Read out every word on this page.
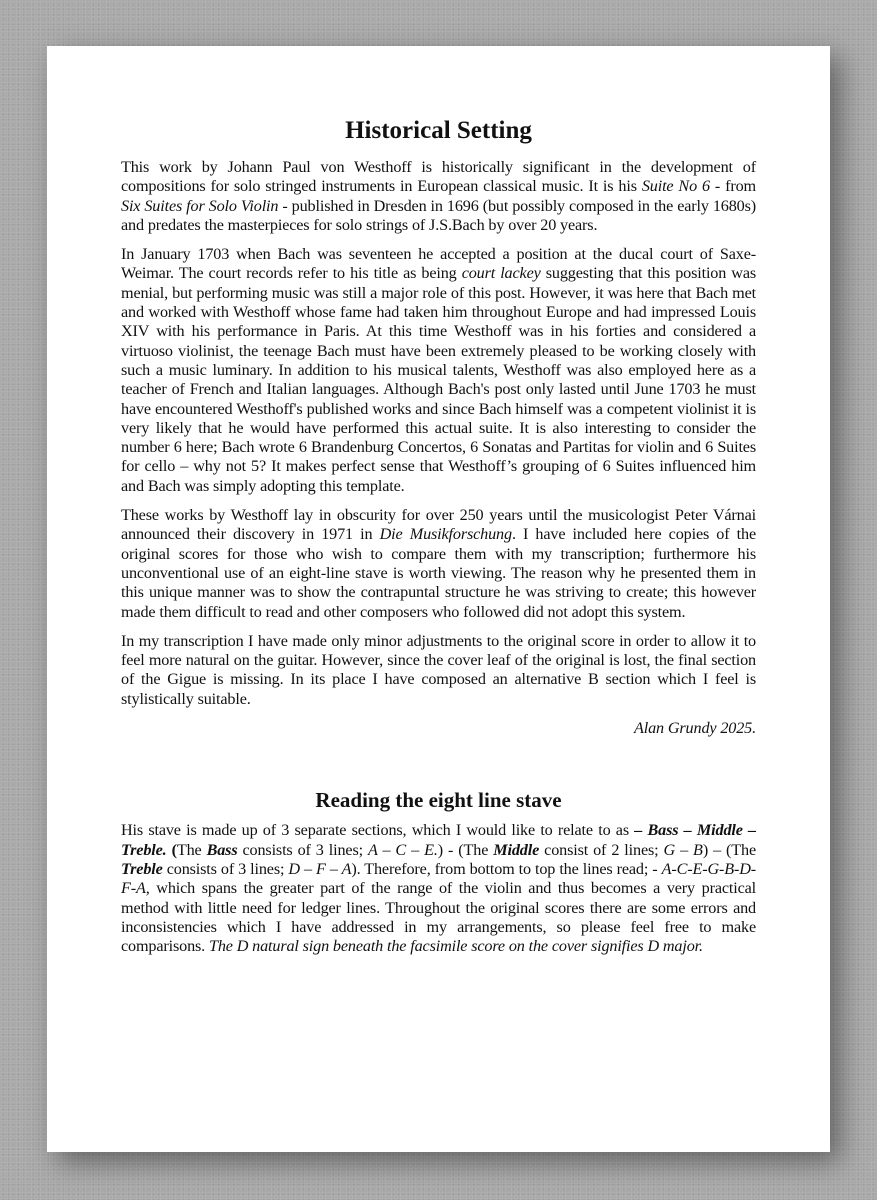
Historical Setting

This work by Johann Paul von Westhoff is historically significant in the development of compositions for solo stringed instruments in European classical music. It is his Suite No 6 - from Six Suites for Solo Violin - published in Dresden in 1696 (but possibly composed in the early 1680s) and predates the masterpieces for solo strings of J.S.Bach by over 20 years.

In January 1703 when Bach was seventeen he accepted a position at the ducal court of Saxe-Weimar. The court records refer to his title as being court lackey suggesting that this position was menial, but performing music was still a major role of this post. However, it was here that Bach met and worked with Westhoff whose fame had taken him throughout Europe and had impressed Louis XIV with his performance in Paris. At this time Westhoff was in his forties and considered a virtuoso violinist, the teenage Bach must have been extremely pleased to be working closely with such a music luminary. In addition to his musical talents, Westhoff was also employed here as a teacher of French and Italian languages. Although Bach's post only lasted until June 1703 he must have encountered Westhoff's published works and since Bach himself was a competent violinist it is very likely that he would have performed this actual suite. It is also interesting to consider the number 6 here; Bach wrote 6 Brandenburg Concertos, 6 Sonatas and Partitas for violin and 6 Suites for cello – why not 5? It makes perfect sense that Westhoff’s grouping of 6 Suites influenced him and Bach was simply adopting this template.

These works by Westhoff lay in obscurity for over 250 years until the musicologist Peter Várnai announced their discovery in 1971 in Die Musikforschung. I have included here copies of the original scores for those who wish to compare them with my transcription; furthermore his unconventional use of an eight-line stave is worth viewing. The reason why he presented them in this unique manner was to show the contrapuntal structure he was striving to create; this however made them difficult to read and other composers who followed did not adopt this system.

In my transcription I have made only minor adjustments to the original score in order to allow it to feel more natural on the guitar. However, since the cover leaf of the original is lost, the final section of the Gigue is missing. In its place I have composed an alternative B section which I feel is stylistically suitable.

Alan Grundy 2025.

Reading the eight line stave

His stave is made up of 3 separate sections, which I would like to relate to as – Bass – Middle – Treble. (The Bass consists of 3 lines; A – C – E.) - (The Middle consist of 2 lines; G – B) – (The Treble consists of 3 lines; D – F – A). Therefore, from bottom to top the lines read; - A-C-E-G-B-D-F-A, which spans the greater part of the range of the violin and thus becomes a very practical method with little need for ledger lines. Throughout the original scores there are some errors and inconsistencies which I have addressed in my arrangements, so please feel free to make comparisons. The D natural sign beneath the facsimile score on the cover signifies D major.
